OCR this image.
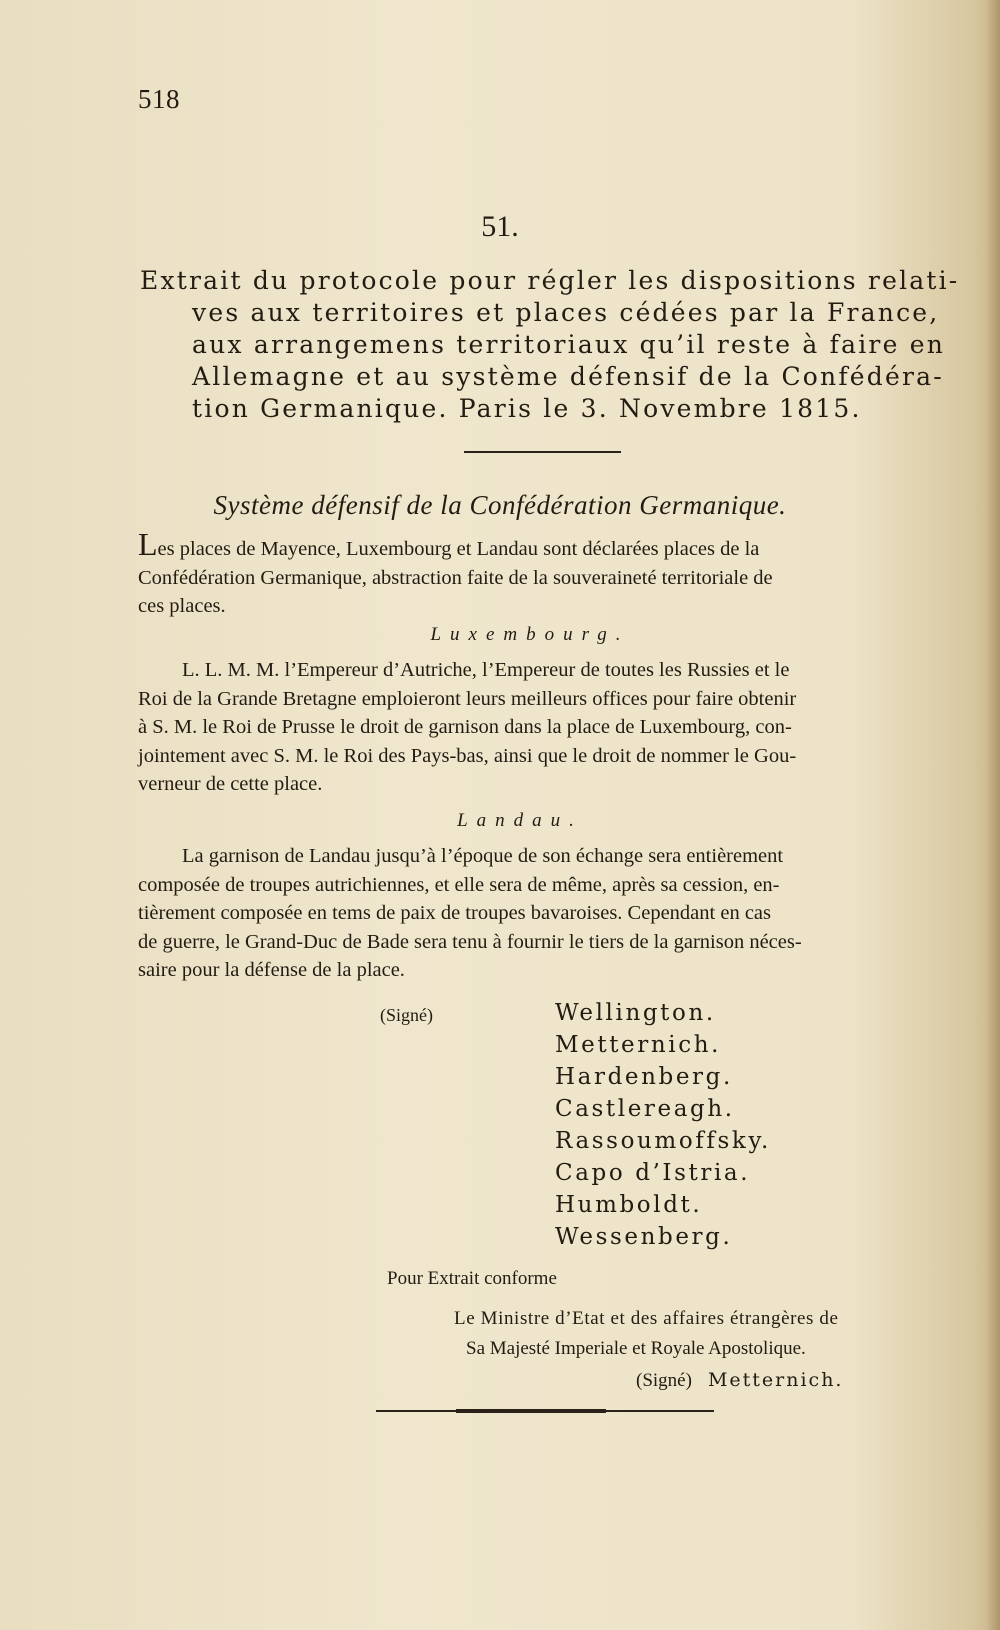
518
51.
Extrait du protocole pour régler les dispositions relati-
ves aux territoires et places cédées par la France,
aux arrangemens territoriaux qu’il reste à faire en
Allemagne et au système défensif de la Confédéra-
tion Germanique. Paris le 3. Novembre 1815.
Système défensif de la Confédération Germanique.
Les places de Mayence, Luxembourg et Landau sont déclarées places de la
Confédération Germanique, abstraction faite de la souveraineté territoriale de
ces places.
Luxembourg.
L. L. M. M. l’Empereur d’Autriche, l’Empereur de toutes les Russies et le
Roi de la Grande Bretagne emploieront leurs meilleurs offices pour faire obtenir
à S. M. le Roi de Prusse le droit de garnison dans la place de Luxembourg, con-
jointement avec S. M. le Roi des Pays-bas, ainsi que le droit de nommer le Gou-
verneur de cette place.
Landau.
La garnison de Landau jusqu’à l’époque de son échange sera entièrement
composée de troupes autrichiennes, et elle sera de même, après sa cession, en-
tièrement composée en tems de paix de troupes bavaroises. Cependant en cas
de guerre, le Grand-Duc de Bade sera tenu à fournir le tiers de la garnison néces-
saire pour la défense de la place.
(Signé)	Wellington.
Metternich.
Hardenberg.
Castlereagh.
Rassoumoffsky.
Capo d’Istria.
Humboldt.
Wessenberg.
Pour Extrait conforme
Le Ministre d’Etat et des affaires étrangères de
Sa Majesté Imperiale et Royale Apostolique.
(Signé) Metternich.
